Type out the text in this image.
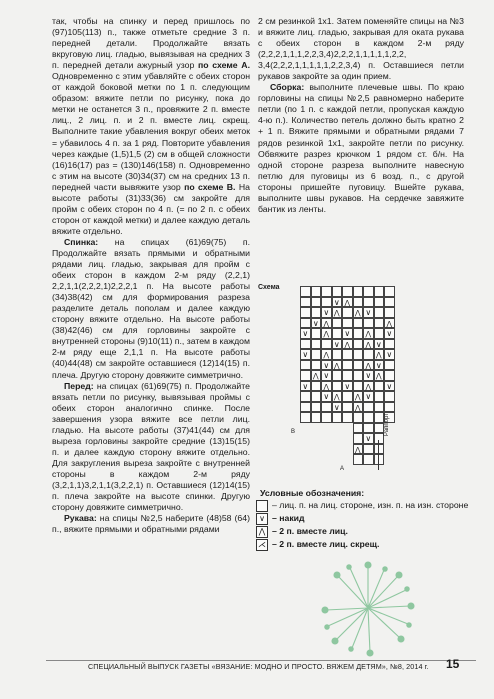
так, чтобы на спинку и перед пришлось по (97)105(113) п., также отметьте средние 3 п. передней детали. Продолжайте вязать вкруговую лиц. гладью, вывязывая на средних 3 п. передней детали ажурный узор по схеме А. Одновременно с этим убавляйте с обеих сторон от каждой боковой метки по 1 п. следующим образом: вяжите петли по рисунку, пока до метки не останется 3 п., провяжите 2 п. вместе лиц., 2 лиц. п. и 2 п. вместе лиц. скрещ. Выполните такие убавления вокруг обеих меток = убавилось 4 п. за 1 ряд. Повторите убавления через каждые (1,5)1,5 (2) см в общей сложности (16)16(17) раз = (130)146(158) п. Одновременно с этим на высоте (30)34(37) см на средних 13 п. передней части вывяжите узор по схеме В. На высоте работы (31)33(36) см закройте для пройм с обеих сторон по 4 п. (= по 2 п. с обеих сторон от каждой метки) и далее каждую деталь вяжите отдельно.

Спинка: на спицах (61)69(75) п. Продолжайте вязать прямыми и обратными рядами лиц. гладью, закрывая для пройм с обеих сторон в каждом 2-м ряду (2,2,1) 2,2,1,1(2,2,2,1)2,2,2,1 п. На высоте работы (34)38(42) см для формирования разреза разделите деталь пополам и далее каждую сторону вяжите отдельно. На высоте работы (38)42(46) см для горловины закройте с внутренней стороны (9)10(11) п., затем в каждом 2-м ряду еще 2,1,1 п. На высоте работы (40)44(48) см закройте оставшиеся (12)14(15) п. плеча. Другую сторону довяжите симметрично.

Перед: на спицах (61)69(75) п. Продолжайте вязать петли по рисунку, вывязывая проймы с обеих сторон аналогично спинке. После завершения узора вяжите все петли лиц. гладью. На высоте работы (37)41(44) см для выреза горловины закройте средние (13)15(15) п. и далее каждую сторону вяжите отдельно. Для закругления выреза закройте с внутренней стороны в каждом 2-м ряду (3,2,1,1)3,2,1,1(3,2,2,1) п. Оставшиеся (12)14(15) п. плеча закройте на высоте спинки. Другую сторону довяжите симметрично.

Рукава: на спицы №2,5 наберите (48)58 (64) п., вяжите прямыми и обратными рядами

2 см резинкой 1х1. Затем поменяйте спицы на №3 и вяжите лиц. гладью, закрывая для оката рукава с обеих сторон в каждом 2-м ряду (2,2,2,1,1,1,2,2,3,4)2,2,2,1,1,1,1,1,2,2, 3,4(2,2,2,1,1,1,1,1,2,2,3,4) п. Оставшиеся петли рукавов закройте за один прием.

Сборка: выполните плечевые швы. По краю горловины на спицы №2,5 равномерно наберите петли (по 1 п. с каждой петли, пропуская каждую 4-ю п.). Количество петель должно быть кратно 2 + 1 п. Вяжите прямыми и обратными рядами 7 рядов резинкой 1х1, закройте петли по рисунку. Обвяжите разрез крючком 1 рядом ст. б/н. На одной стороне разреза выполните навесную петлю для пуговицы из 6 возд. п., с другой стороны пришейте пуговицу. Вшейте рукава, выполните швы рукавов. На сердечке завяжите бантик из ленты.

Схема
∨
⋀
∨
⋀
⋀
∨
∨
⋀
⋀
∨
⋀
∨
⋀
∨
∨
⋀
⋀
∨
∨
⋀
⋀
∨
∨
⋀
⋀
∨
⋀
∨
∨
⋀
∨
⋀
∨
⋀
∨
∨
⋀
⋀
∨
∨
⋀
∨
⋀
B
A
Раппорт
Условные обозначения:
– лиц. п. на лиц. стороне, изн. п. на изн. стороне
∨ – накид
⋀ – 2 п. вместе лиц.
⋌ – 2 п. вместе лиц. скрещ.
СПЕЦИАЛЬНЫЙ ВЫПУСК ГАЗЕТЫ «ВЯЗАНИЕ: МОДНО И ПРОСТО. ВЯЖЕМ ДЕТЯМ», №8, 2014 г. 15
